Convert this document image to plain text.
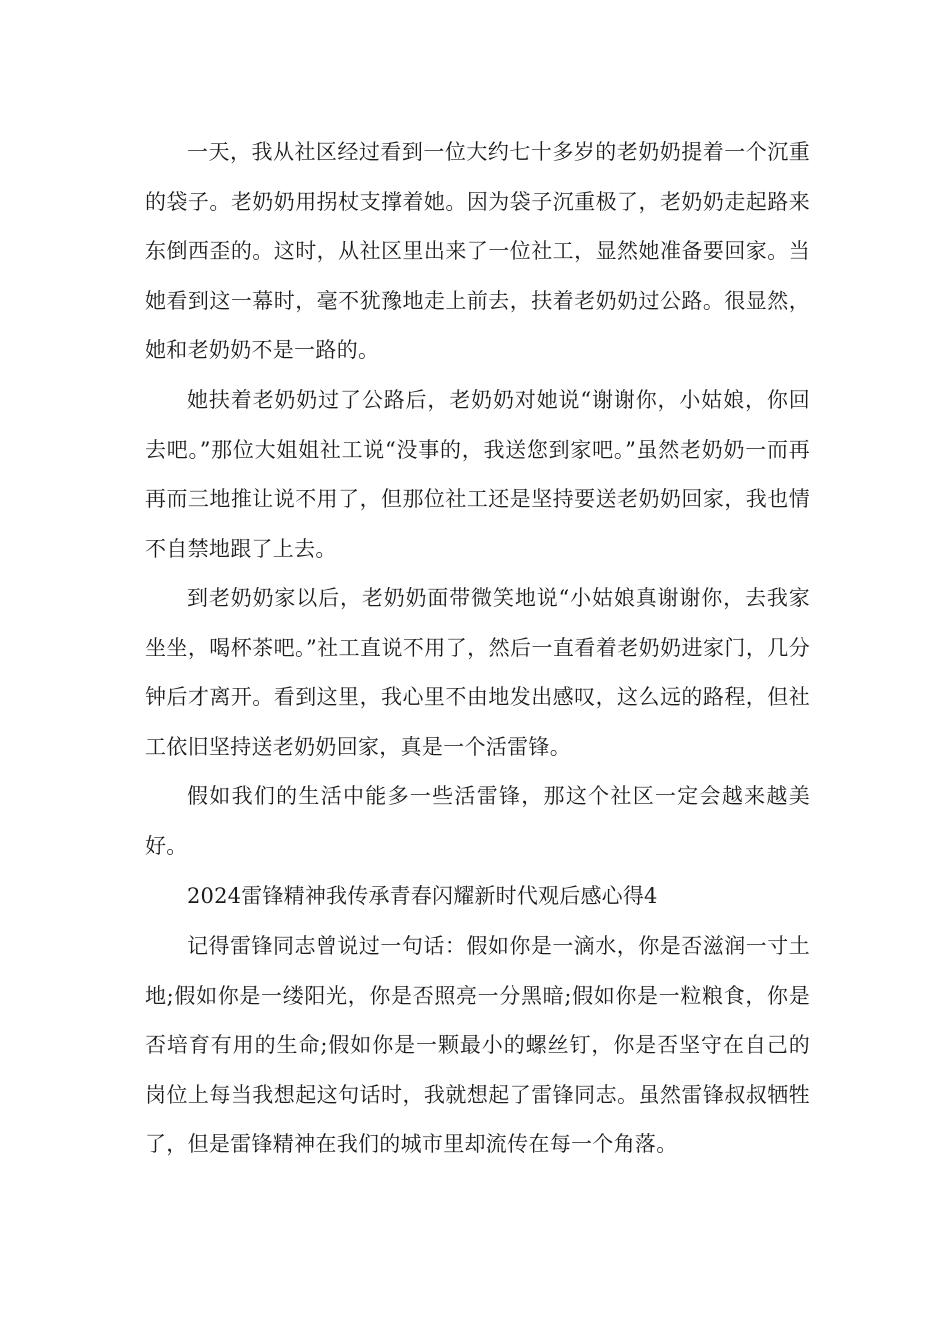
一天，我从社区经过看到一位大约七十多岁的老奶奶提着一个沉重的袋子。老奶奶用拐杖支撑着她。因为袋子沉重极了，老奶奶走起路来东倒西歪的。这时，从社区里出来了一位社工，显然她准备要回家。当她看到这一幕时，毫不犹豫地走上前去，扶着老奶奶过公路。很显然，她和老奶奶不是一路的。

她扶着老奶奶过了公路后，老奶奶对她说“谢谢你，小姑娘，你回去吧。”那位大姐姐社工说“没事的，我送您到家吧。”虽然老奶奶一而再再而三地推让说不用了，但那位社工还是坚持要送老奶奶回家，我也情不自禁地跟了上去。

到老奶奶家以后，老奶奶面带微笑地说“小姑娘真谢谢你，去我家坐坐，喝杯茶吧。”社工直说不用了，然后一直看着老奶奶进家门，几分钟后才离开。看到这里，我心里不由地发出感叹，这么远的路程，但社工依旧坚持送老奶奶回家，真是一个活雷锋。

假如我们的生活中能多一些活雷锋，那这个社区一定会越来越美好。

2024雷锋精神我传承青春闪耀新时代观后感心得4

记得雷锋同志曾说过一句话：假如你是一滴水，你是否滋润一寸土地;假如你是一缕阳光，你是否照亮一分黑暗;假如你是一粒粮食，你是否培育有用的生命;假如你是一颗最小的螺丝钉，你是否坚守在自己的岗位上每当我想起这句话时，我就想起了雷锋同志。虽然雷锋叔叔牺牲了，但是雷锋精神在我们的城市里却流传在每一个角落。
